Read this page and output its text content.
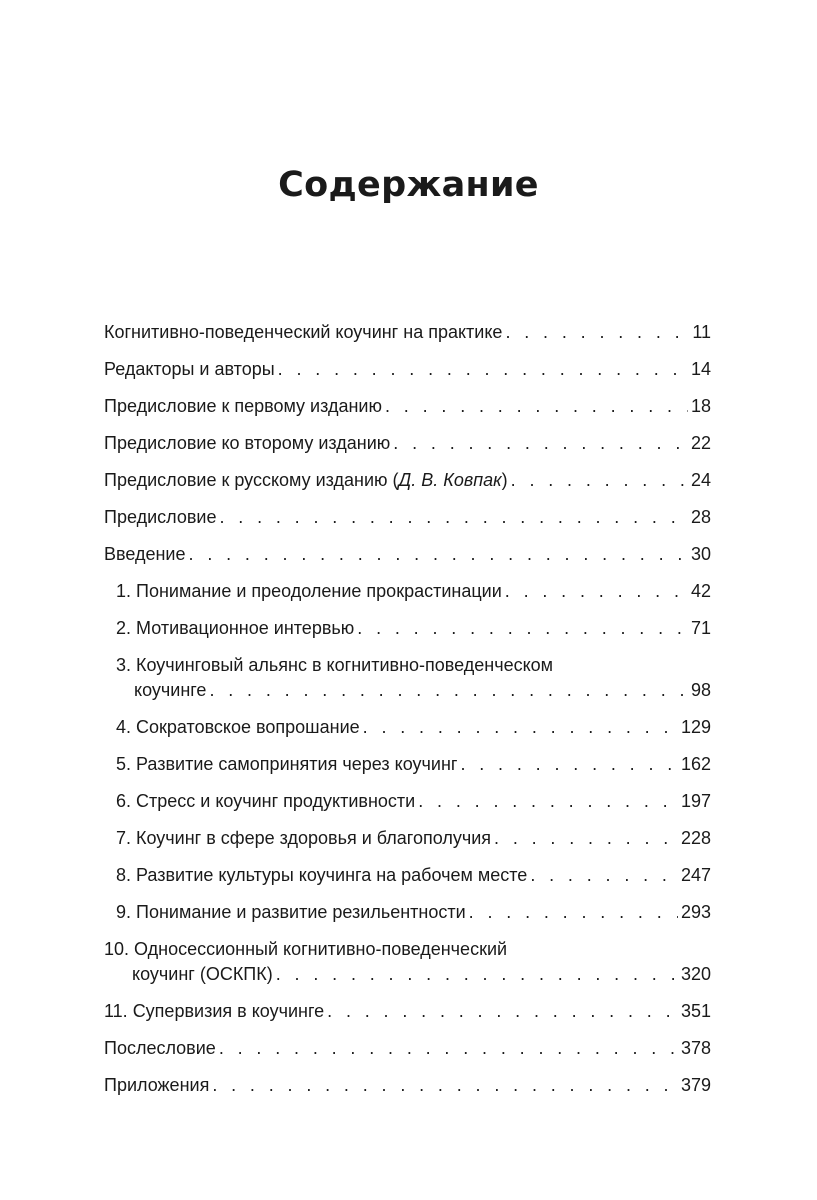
Содержание
Когнитивно-поведенческий коучинг на практике . . .	11
Редакторы и авторы . . .	14
Предисловие к первому изданию . . .	18
Предисловие ко второму изданию . . .	22
Предисловие к русскому изданию (Д. В. Ковпак) . . .	24
Предисловие . . .	28
Введение . . .	30
1. Понимание и преодоление прокрастинации . . .	42
2. Мотивационное интервью . . .	71
3. Коучинговый альянс в когнитивно-поведенческом
коучинге . . .	98
4. Сократовское вопрошание . . .	129
5. Развитие самопринятия через коучинг . . .	162
6. Стресс и коучинг продуктивности . . .	197
7. Коучинг в сфере здоровья и благополучия . . .	228
8. Развитие культуры коучинга на рабочем месте . . .	247
9. Понимание и развитие резильентности . . .	293
10. Односессионный когнитивно-поведенческий
коучинг (ОСКПК) . . .	320
11. Супервизия в коучинге . . .	351
Послесловие . . .	378
Приложения . . .	379
